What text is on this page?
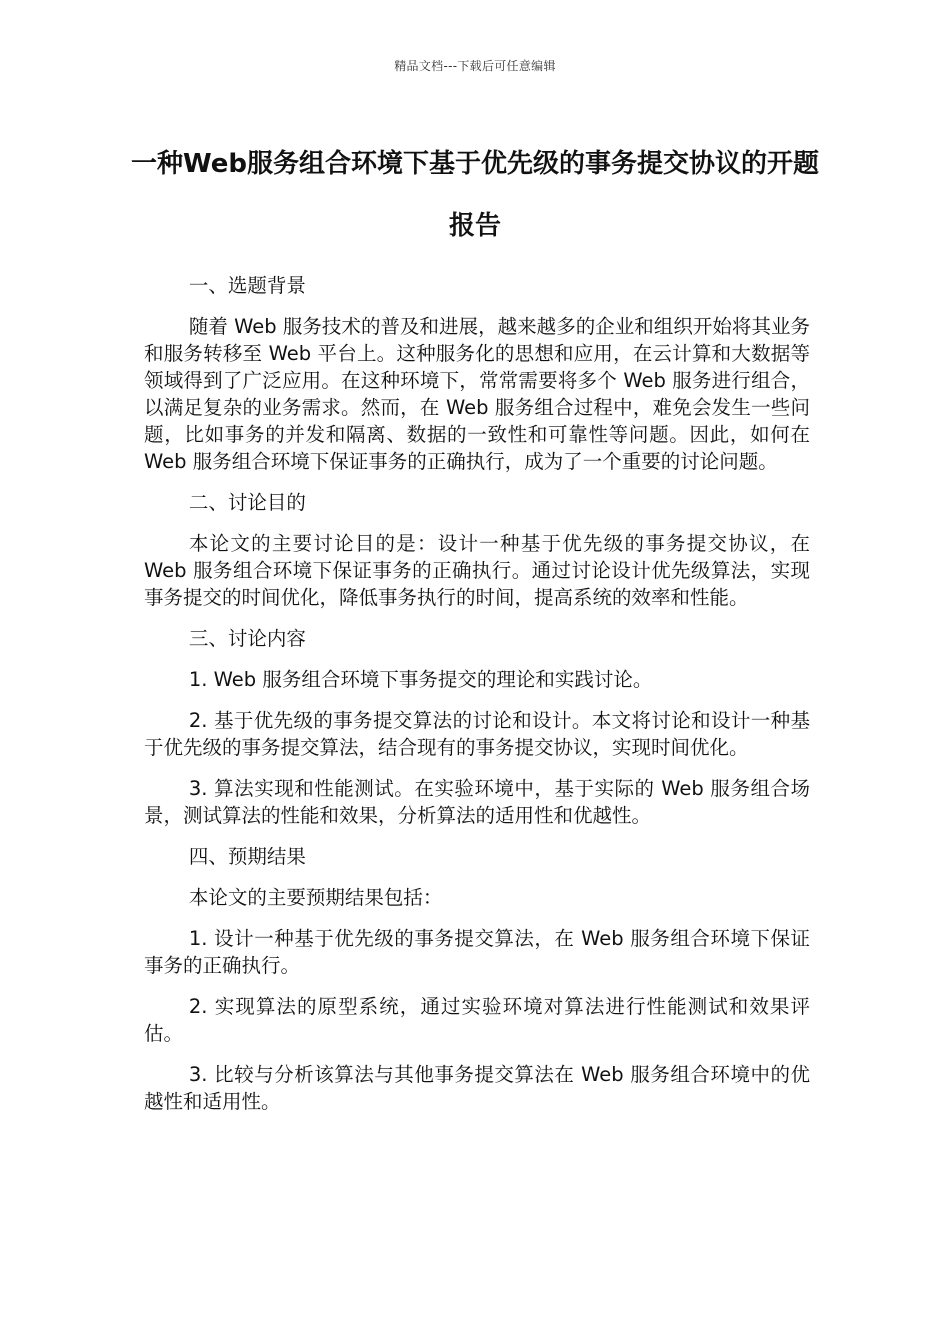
精品文档---下载后可任意编辑
一种Web服务组合环境下基于优先级的事务提交协议的开题报告
一、选题背景

随着 Web 服务技术的普及和进展，越来越多的企业和组织开始将其业务和服务转移至 Web 平台上。这种服务化的思想和应用，在云计算和大数据等领域得到了广泛应用。在这种环境下，常常需要将多个 Web 服务进行组合，以满足复杂的业务需求。然而，在 Web 服务组合过程中，难免会发生一些问题，比如事务的并发和隔离、数据的一致性和可靠性等问题。因此，如何在 Web 服务组合环境下保证事务的正确执行，成为了一个重要的讨论问题。

二、讨论目的

本论文的主要讨论目的是：设计一种基于优先级的事务提交协议，在 Web 服务组合环境下保证事务的正确执行。通过讨论设计优先级算法，实现事务提交的时间优化，降低事务执行的时间，提高系统的效率和性能。

三、讨论内容

1. Web 服务组合环境下事务提交的理论和实践讨论。

2. 基于优先级的事务提交算法的讨论和设计。本文将讨论和设计一种基于优先级的事务提交算法，结合现有的事务提交协议，实现时间优化。

3. 算法实现和性能测试。在实验环境中，基于实际的 Web 服务组合场景，测试算法的性能和效果，分析算法的适用性和优越性。

四、预期结果

本论文的主要预期结果包括：

1. 设计一种基于优先级的事务提交算法，在 Web 服务组合环境下保证事务的正确执行。

2. 实现算法的原型系统，通过实验环境对算法进行性能测试和效果评估。

3. 比较与分析该算法与其他事务提交算法在 Web 服务组合环境中的优越性和适用性。
